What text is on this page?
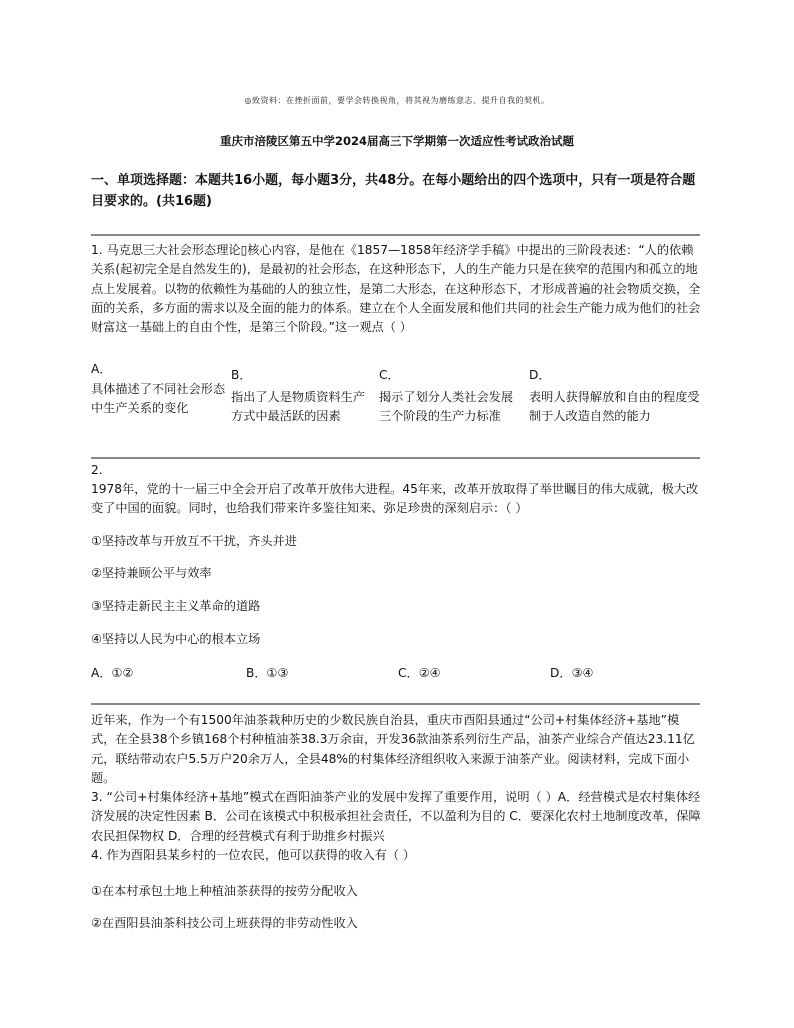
◎致资料：在挫折面前，要学会转换视角，将其视为磨练意志、提升自我的契机。
重庆市涪陵区第五中学2024届高三下学期第一次适应性考试政治试题
一、单项选择题：本题共16小题，每小题3分，共48分。在每小题给出的四个选项中，只有一项是符合题目要求的。(共16题)
1. 马克思三大社会形态理论▯核心内容，是他在《1857—1858年经济学手稿》中提出的三阶段表述：“人的依赖关系(起初完全是自然发生的)，是最初的社会形态，在这种形态下，人的生产能力只是在狭窄的范围内和孤立的地点上发展着。以物的依赖性为基础的人的独立性，是第二大形态，在这种形态下，才形成普遍的社会物质交换，全面的关系，多方面的需求以及全面的能力的体系。建立在个人全面发展和他们共同的社会生产能力成为他们的社会财富这一基础上的自由个性，是第三个阶段。”这一观点（ ）
A．
具体描述了不同社会形态中生产关系的变化
B．
指出了人是物质资料生产方式中最活跃的因素
C．
揭示了划分人类社会发展三个阶段的生产力标准
D．
表明人获得解放和自由的程度受制于人改造自然的能力
2.
1978年，党的十一届三中全会开启了改革开放伟大进程。45年来，改革开放取得了举世瞩目的伟大成就，极大改变了中国的面貌。同时，也给我们带来许多鉴往知来、弥足珍贵的深刻启示：（ ）
①坚持改革与开放互不干扰，齐头并进
②坚持兼顾公平与效率
③坚持走新民主主义革命的道路
④坚持以人民为中心的根本立场
A．①②	B．①③	C．②④	D．③④
近年来，作为一个有1500年油茶栽种历史的少数民族自治县，重庆市酉阳县通过“公司+村集体经济+基地”模式，在全县38个乡镇168个村种植油茶38.3万余亩，开发36款油茶系列衍生产品，油茶产业综合产值达23.11亿元，联结带动农户5.5万户20余万人，全县48%的村集体经济组织收入来源于油茶产业。阅读材料，完成下面小题。
3. “公司+村集体经济+基地”模式在酉阳油茶产业的发展中发挥了重要作用，说明（ ）A．经营模式是农村集体经济发展的决定性因素 B．公司在该模式中积极承担社会责任，不以盈利为目的 C．要深化农村土地制度改革，保障农民担保物权 D．合理的经营模式有利于助推乡村振兴
4. 作为酉阳县某乡村的一位农民，他可以获得的收入有（ ）
①在本村承包土地上种植油茶获得的按劳分配收入
②在酉阳县油茶科技公司上班获得的非劳动性收入
